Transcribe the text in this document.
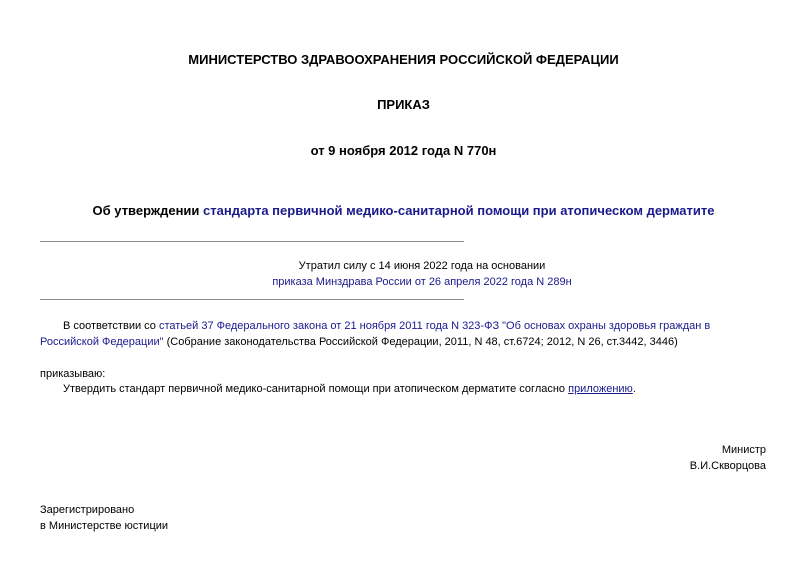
МИНИСТЕРСТВО ЗДРАВООХРАНЕНИЯ РОССИЙСКОЙ ФЕДЕРАЦИИ
ПРИКАЗ
от 9 ноября 2012 года N 770н
Об утверждении стандарта первичной медико-санитарной помощи при атопическом дерматите
Утратил силу с 14 июня 2022 года на основании
приказа Минздрава России от 26 апреля 2022 года N 289н
В соответствии со статьей 37 Федерального закона от 21 ноября 2011 года N 323-ФЗ "Об основах охраны здоровья граждан в Российской Федерации" (Собрание законодательства Российской Федерации, 2011, N 48, ст.6724; 2012, N 26, ст.3442, 3446)
приказываю:
Утвердить стандарт первичной медико-санитарной помощи при атопическом дерматите согласно приложению.
Министр
В.И.Скворцова
Зарегистрировано
в Министерстве юстиции
